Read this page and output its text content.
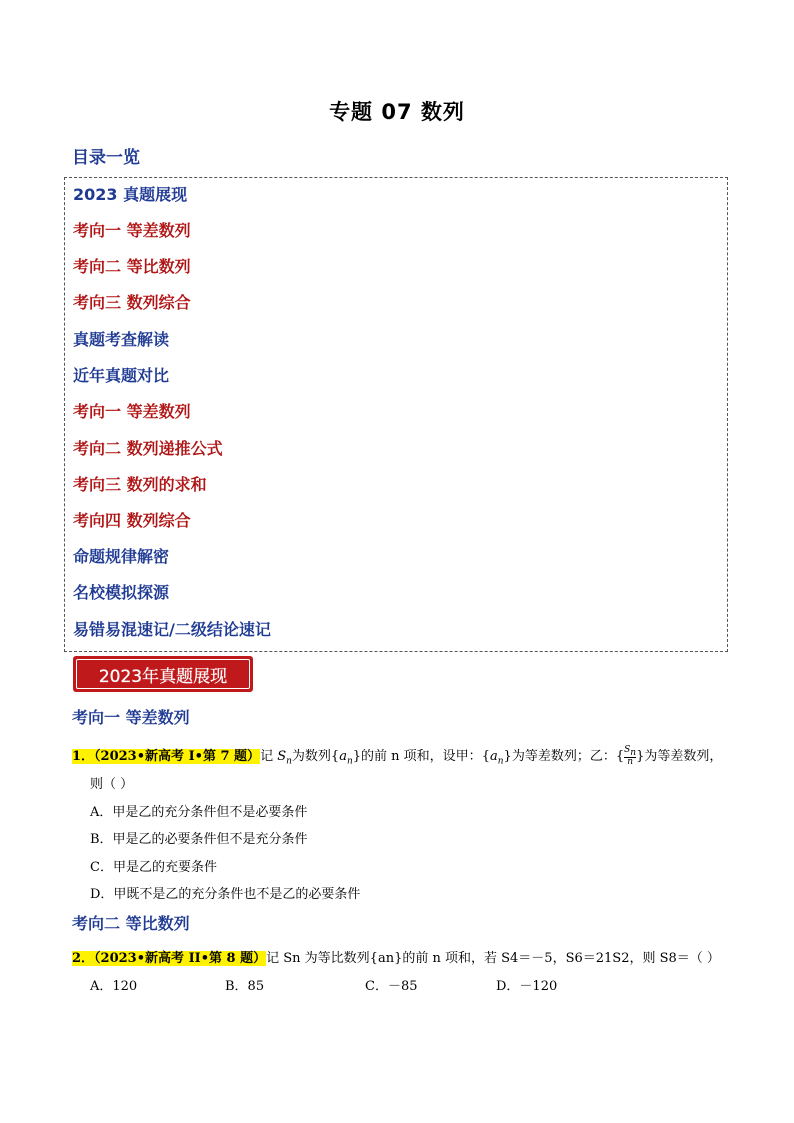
专题 07 数列
目录一览
2023 真题展现
考向一 等差数列
考向二 等比数列
考向三 数列综合
真题考查解读
近年真题对比
考向一 等差数列
考向二 数列递推公式
考向三 数列的求和
考向四 数列综合
命题规律解密
名校模拟探源
易错易混速记/二级结论速记
2023年真题展现
考向一 等差数列
1．（2023•新高考 I•第 7 题）记 $S_n$为数列$\{a_n\}$的前 n 项和，设甲：$\{a_n\}$为等差数列；乙：{ $\frac{S_n}{n}$ }为等差数列，
则（ ）
A．甲是乙的充分条件但不是必要条件
B．甲是乙的必要条件但不是充分条件
C．甲是乙的充要条件
D．甲既不是乙的充分条件也不是乙的必要条件
考向二 等比数列
2．（2023•新高考 II•第 8 题）记 Sn 为等比数列{an}的前 n 项和，若 S4＝－5，S6＝21S2，则 S8＝（ ）
A．120	B．85	C．－85	D．－120
